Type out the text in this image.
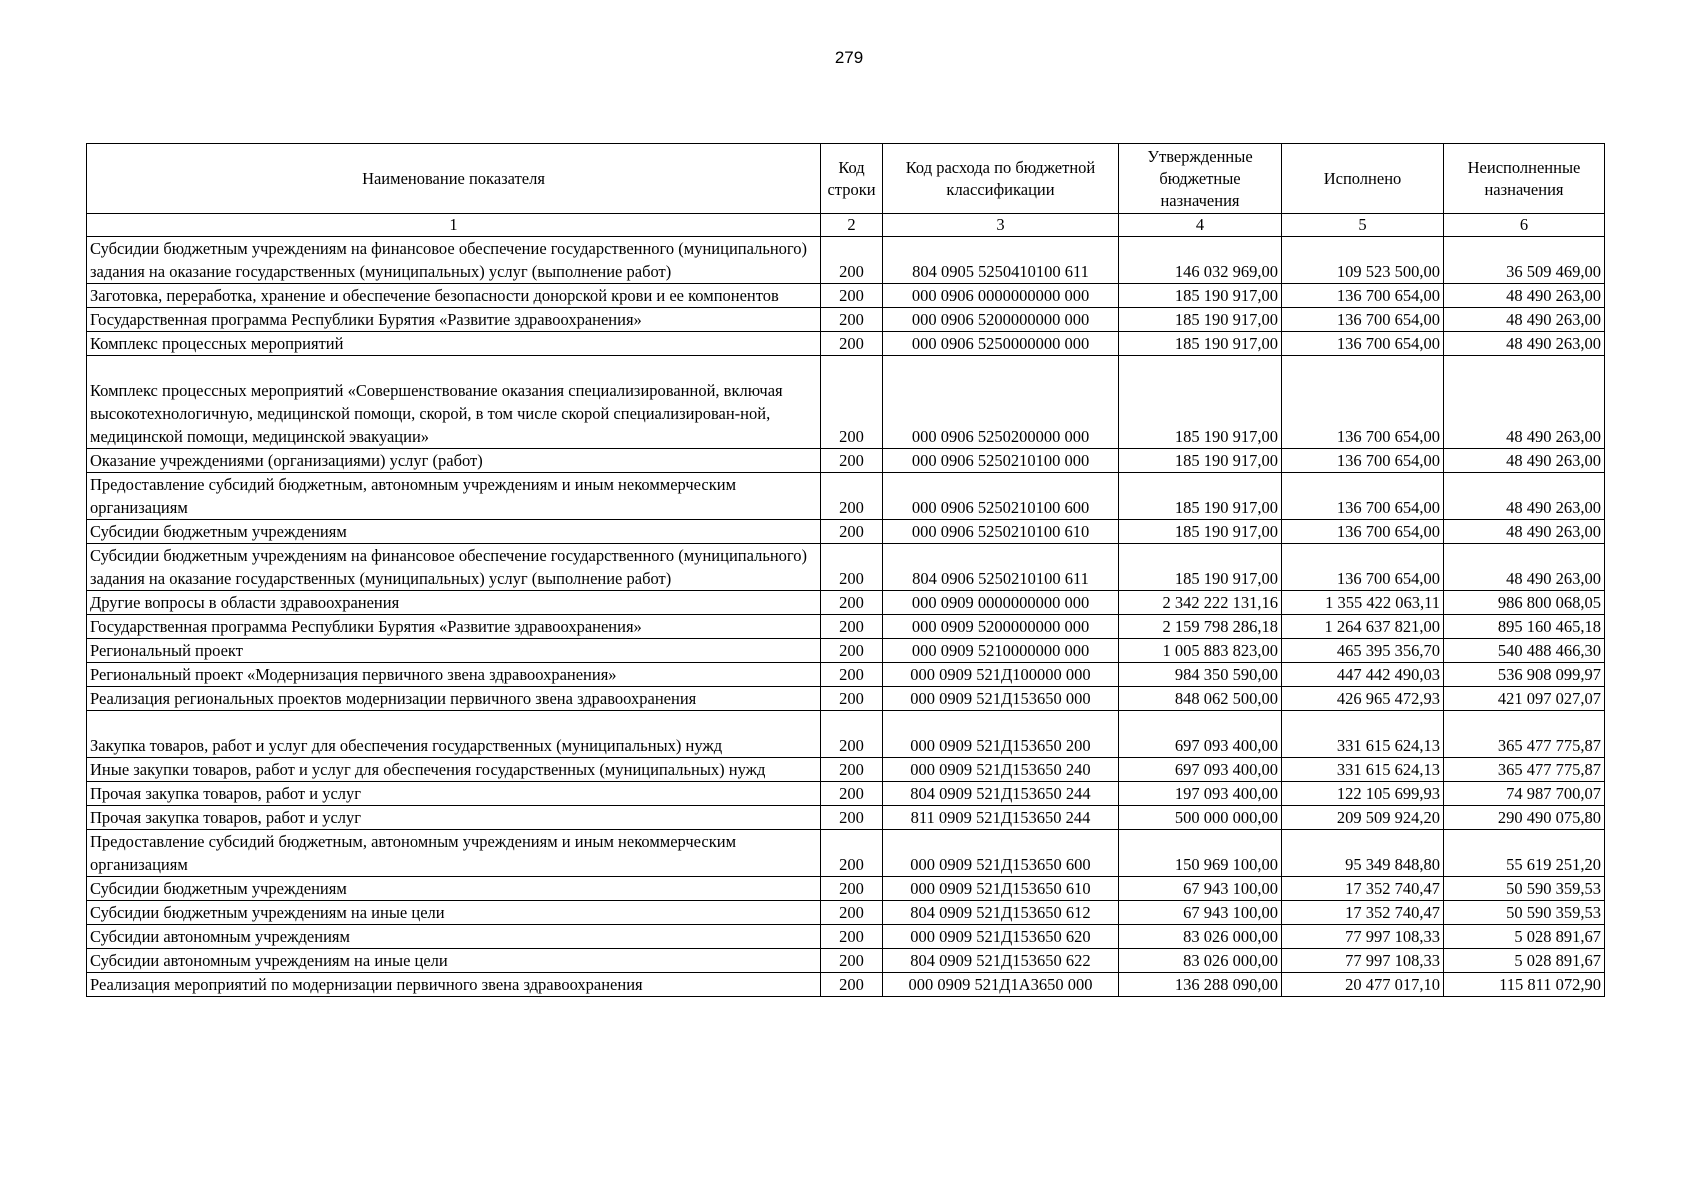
279
Наименование показателя	Код строки	Код расхода по бюджетной классификации	Утвержденные бюджетные назначения	Исполнено	Неисполненные назначения
1	2	3	4	5	6
Субсидии бюджетным учреждениям на финансовое обеспечение государственного (муниципального) задания на оказание государственных (муниципальных) услуг (выполнение работ)	200	804 0905 5250410100 611	146 032 969,00	109 523 500,00	36 509 469,00
Заготовка, переработка, хранение и обеспечение безопасности донорской крови и ее компонентов	200	000 0906 0000000000 000	185 190 917,00	136 700 654,00	48 490 263,00
Государственная программа Республики Бурятия «Развитие здравоохранения»	200	000 0906 5200000000 000	185 190 917,00	136 700 654,00	48 490 263,00
Комплекс процессных мероприятий	200	000 0906 5250000000 000	185 190 917,00	136 700 654,00	48 490 263,00

Комплекс процессных мероприятий «Совершенствование оказания специализированной, включая высокотехнологичную, медицинской помощи, скорой, в том числе скорой специализирован-ной, медицинской помощи, медицинской эвакуации»	200	000 0906 5250200000 000	185 190 917,00	136 700 654,00	48 490 263,00
Оказание учреждениями (организациями) услуг (работ)	200	000 0906 5250210100 000	185 190 917,00	136 700 654,00	48 490 263,00
Предоставление субсидий бюджетным, автономным учреждениям и иным некоммерческим организациям	200	000 0906 5250210100 600	185 190 917,00	136 700 654,00	48 490 263,00
Субсидии бюджетным учреждениям	200	000 0906 5250210100 610	185 190 917,00	136 700 654,00	48 490 263,00
Субсидии бюджетным учреждениям на финансовое обеспечение государственного (муниципального) задания на оказание государственных (муниципальных) услуг (выполнение работ)	200	804 0906 5250210100 611	185 190 917,00	136 700 654,00	48 490 263,00
Другие вопросы в области здравоохранения	200	000 0909 0000000000 000	2 342 222 131,16	1 355 422 063,11	986 800 068,05
Государственная программа Республики Бурятия «Развитие здравоохранения»	200	000 0909 5200000000 000	2 159 798 286,18	1 264 637 821,00	895 160 465,18
Региональный проект	200	000 0909 5210000000 000	1 005 883 823,00	465 395 356,70	540 488 466,30
Региональный проект «Модернизация первичного звена здравоохранения»	200	000 0909 521Д100000 000	984 350 590,00	447 442 490,03	536 908 099,97
Реализация региональных проектов модернизации первичного звена здравоохранения	200	000 0909 521Д153650 000	848 062 500,00	426 965 472,93	421 097 027,07

Закупка товаров, работ и услуг для обеспечения государственных (муниципальных) нужд	200	000 0909 521Д153650 200	697 093 400,00	331 615 624,13	365 477 775,87
Иные закупки товаров, работ и услуг для обеспечения государственных (муниципальных) нужд	200	000 0909 521Д153650 240	697 093 400,00	331 615 624,13	365 477 775,87
Прочая закупка товаров, работ и услуг	200	804 0909 521Д153650 244	197 093 400,00	122 105 699,93	74 987 700,07
Прочая закупка товаров, работ и услуг	200	811 0909 521Д153650 244	500 000 000,00	209 509 924,20	290 490 075,80
Предоставление субсидий бюджетным, автономным учреждениям и иным некоммерческим организациям	200	000 0909 521Д153650 600	150 969 100,00	95 349 848,80	55 619 251,20
Субсидии бюджетным учреждениям	200	000 0909 521Д153650 610	67 943 100,00	17 352 740,47	50 590 359,53
Субсидии бюджетным учреждениям на иные цели	200	804 0909 521Д153650 612	67 943 100,00	17 352 740,47	50 590 359,53
Субсидии автономным учреждениям	200	000 0909 521Д153650 620	83 026 000,00	77 997 108,33	5 028 891,67
Субсидии автономным учреждениям на иные цели	200	804 0909 521Д153650 622	83 026 000,00	77 997 108,33	5 028 891,67
Реализация мероприятий по модернизации первичного звена здравоохранения	200	000 0909 521Д1А3650 000	136 288 090,00	20 477 017,10	115 811 072,90
